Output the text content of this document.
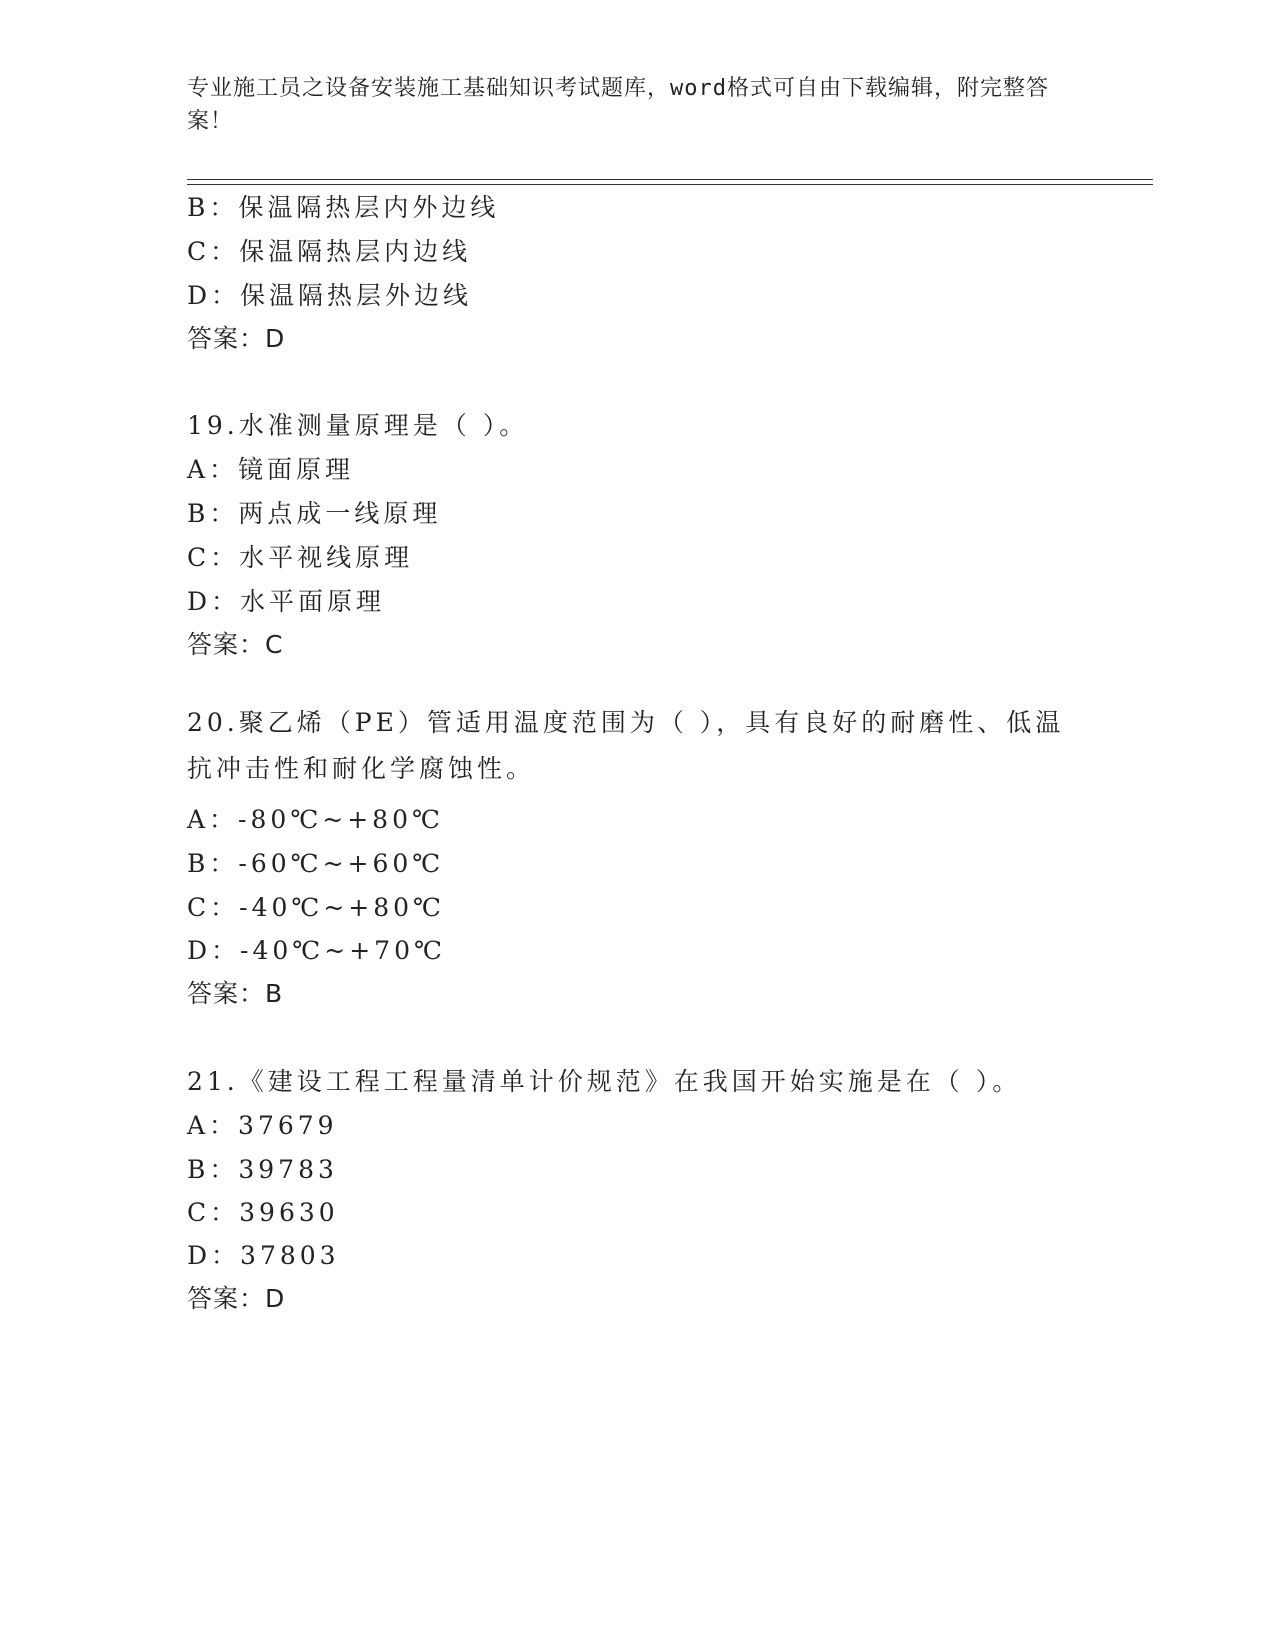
专业施工员之设备安装施工基础知识考试题库，word格式可自由下载编辑，附完整答案！
B：保温隔热层内外边线
C：保温隔热层内边线
D：保温隔热层外边线
答案：D
19.水准测量原理是（ ）。
A：镜面原理
B：两点成一线原理
C：水平视线原理
D：水平面原理
答案：C
20.聚乙烯（PE）管适用温度范围为（ ），具有良好的耐磨性、低温抗冲击性和耐化学腐蚀性。
A：-80℃~+80℃
B：-60℃~+60℃
C：-40℃~+80℃
D：-40℃~+70℃
答案：B
21.《建设工程工程量清单计价规范》在我国开始实施是在（ ）。
A：37679
B：39783
C：39630
D：37803
答案：D
